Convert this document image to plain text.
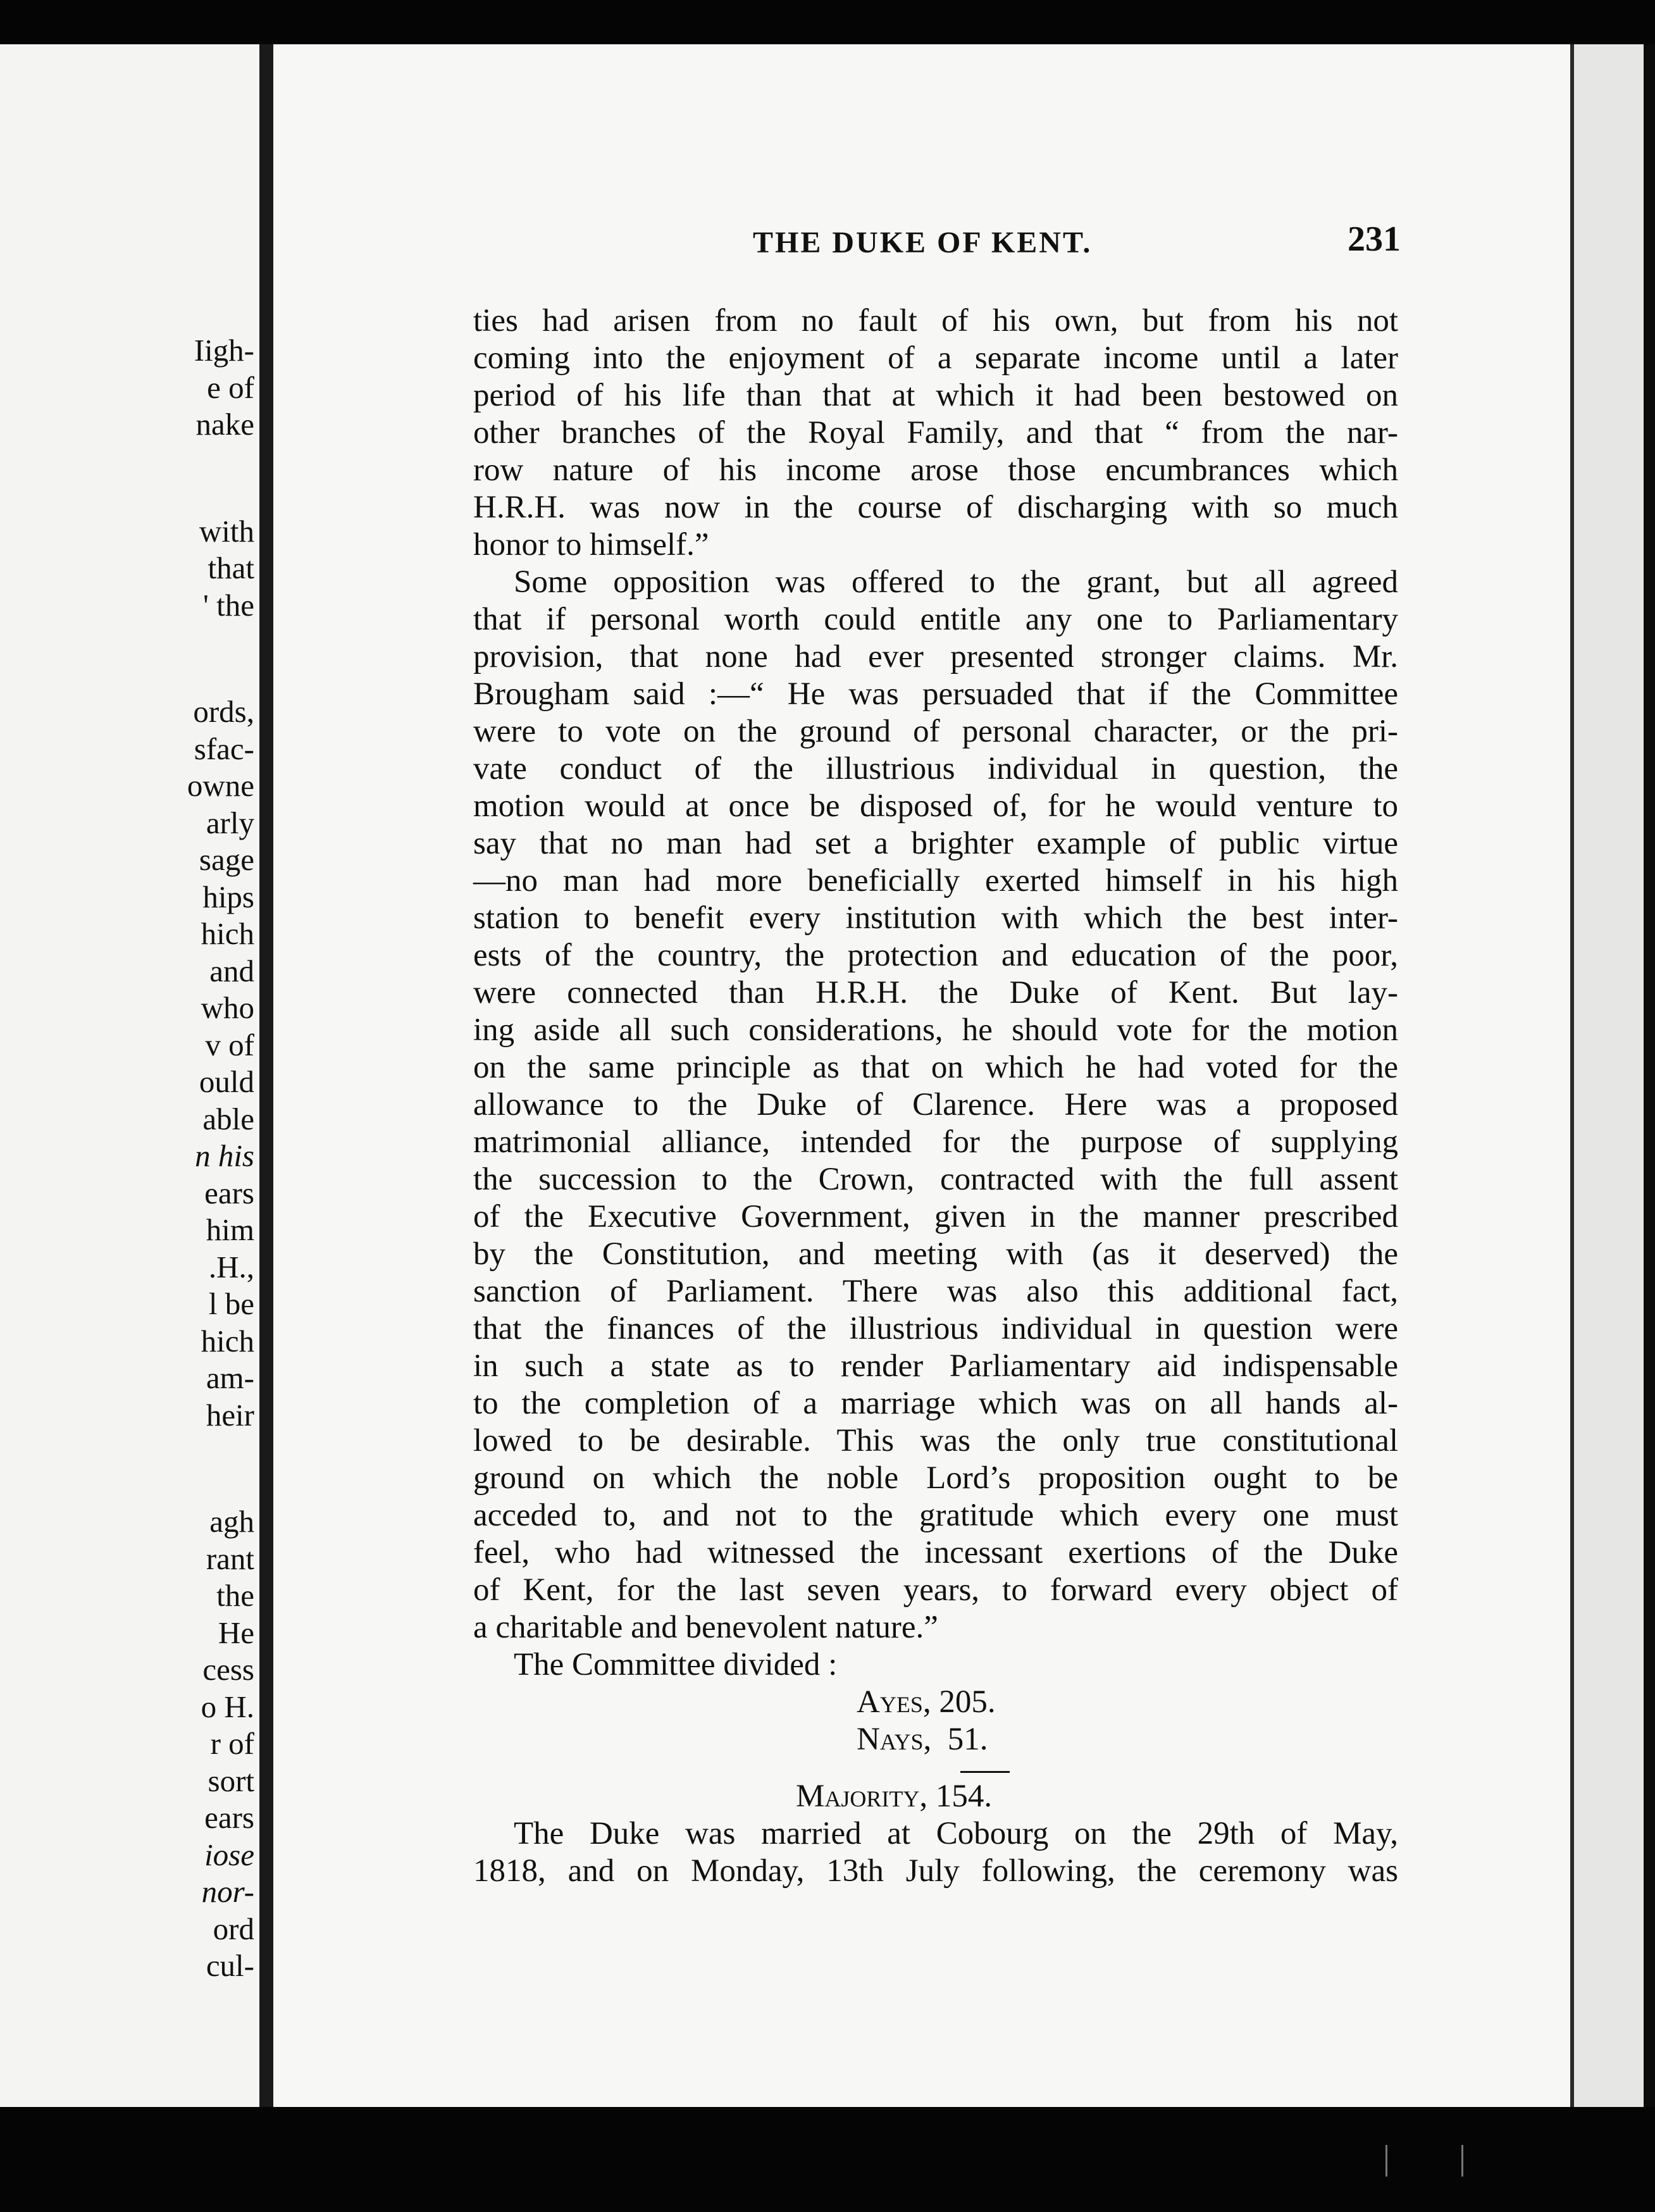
Iigh-
e of
nake
with
that
' the
ords,
sfac-
owne
arly
sage
hips
hich
and
who
v of
ould
able
n his
ears
him
.H.,
l be
hich
am-
heir
agh
rant
the
He
cess
o H.
r of
sort
ears
iose
nor-
ord
cul-
THE DUKE OF KENT.	231
ties had arisen from no fault of his own, but from his not
coming into the enjoyment of a separate income until a later
period of his life than that at which it had been bestowed on
other branches of the Royal Family, and that “ from the nar-
row nature of his income arose those encumbrances which
H.R.H. was now in the course of discharging with so much
honor to himself.”
Some opposition was offered to the grant, but all agreed
that if personal worth could entitle any one to Parliamentary
provision, that none had ever presented stronger claims. Mr.
Brougham said :—“ He was persuaded that if the Committee
were to vote on the ground of personal character, or the pri-
vate conduct of the illustrious individual in question, the
motion would at once be disposed of, for he would venture to
say that no man had set a brighter example of public virtue
—no man had more beneficially exerted himself in his high
station to benefit every institution with which the best inter-
ests of the country, the protection and education of the poor,
were connected than H.R.H. the Duke of Kent. But lay-
ing aside all such considerations, he should vote for the motion
on the same principle as that on which he had voted for the
allowance to the Duke of Clarence. Here was a proposed
matrimonial alliance, intended for the purpose of supplying
the succession to the Crown, contracted with the full assent
of the Executive Government, given in the manner prescribed
by the Constitution, and meeting with (as it deserved) the
sanction of Parliament. There was also this additional fact,
that the finances of the illustrious individual in question were
in such a state as to render Parliamentary aid indispensable
to the completion of a marriage which was on all hands al-
lowed to be desirable. This was the only true constitutional
ground on which the noble Lord’s proposition ought to be
acceded to, and not to the gratitude which every one must
feel, who had witnessed the incessant exertions of the Duke
of Kent, for the last seven years, to forward every object of
a charitable and benevolent nature.”
The Committee divided :
Ayes, 205.
Nays, 51.
Majority, 154.
The Duke was married at Cobourg on the 29th of May,
1818, and on Monday, 13th July following, the ceremony was
